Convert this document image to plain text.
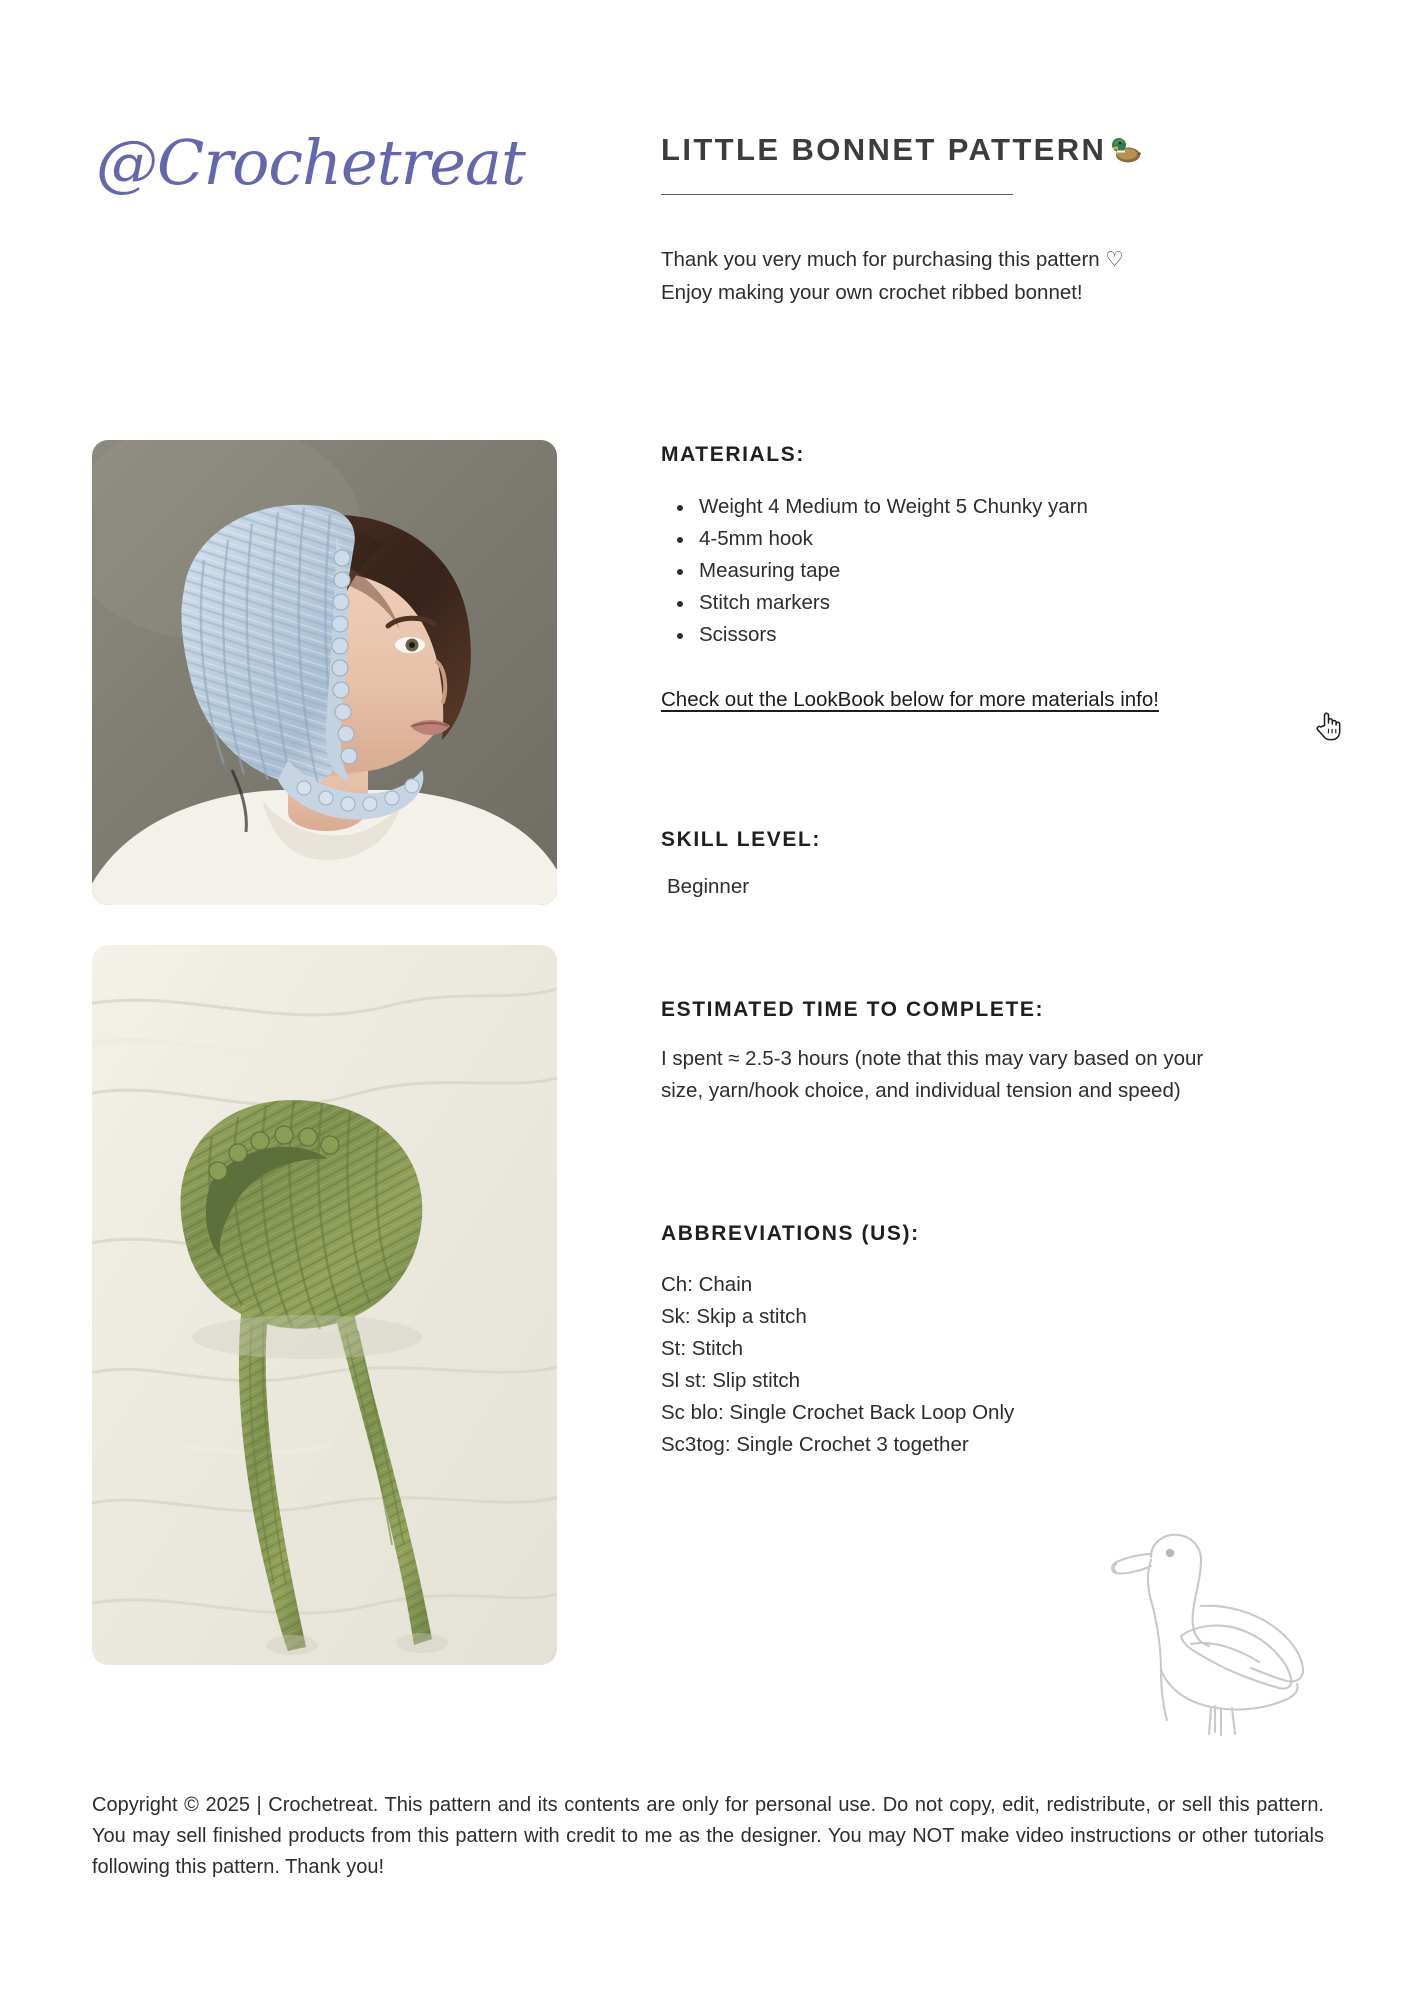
@Crochetreat	LITTLE BONNET PATTERN
Thank you very much for purchasing this pattern ♡
Enjoy making your own crochet ribbed bonnet!
MATERIALS:
Weight 4 Medium to Weight 5 Chunky yarn
4-5mm hook
Measuring tape
Stitch markers
Scissors
Check out the LookBook below for more materials info!
SKILL LEVEL:
Beginner
ESTIMATED TIME TO COMPLETE:
I spent ≈ 2.5-3 hours (note that this may vary based on your size, yarn/hook choice, and individual tension and speed)
ABBREVIATIONS (US):
Ch: Chain
Sk: Skip a stitch
St: Stitch
Sl st: Slip stitch
Sc blo: Single Crochet Back Loop Only
Sc3tog: Single Crochet 3 together
Copyright © 2025 | Crochetreat. This pattern and its contents are only for personal use. Do not copy, edit, redistribute, or sell this pattern. You may sell finished products from this pattern with credit to me as the designer. You may NOT make video instructions or other tutorials following this pattern. Thank you!
